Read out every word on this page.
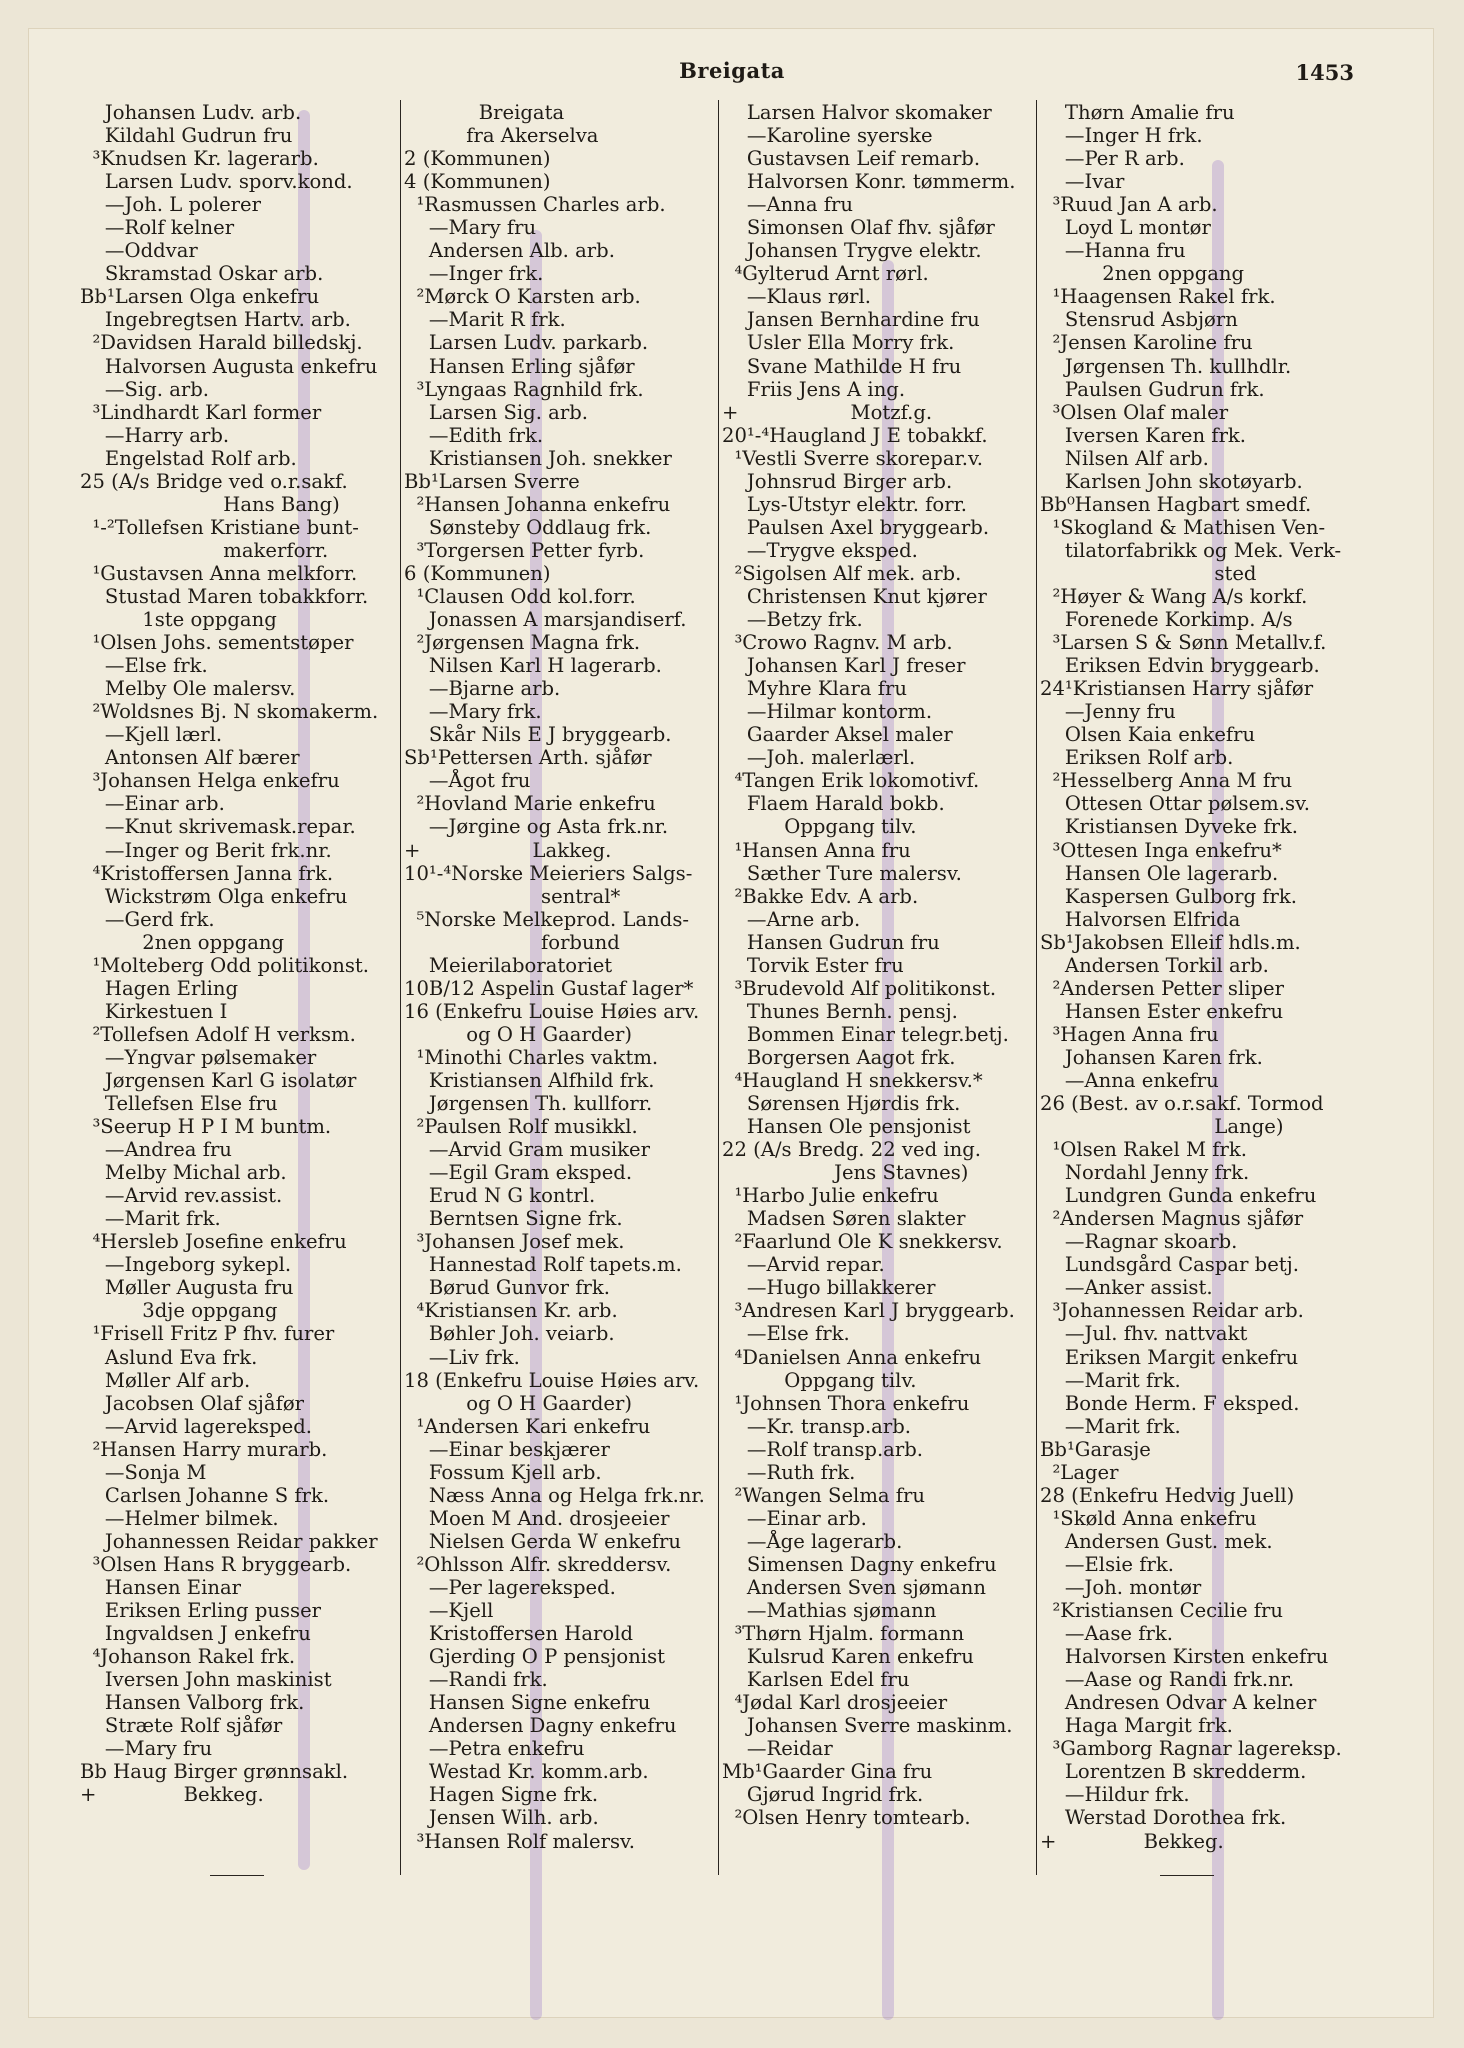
Breigata	1453
Johansen Ludv. arb.
Kildahl Gudrun fru
³Knudsen Kr. lagerarb.
Larsen Ludv. sporv.kond.
—Joh. L polerer
—Rolf kelner
—Oddvar
Skramstad Oskar arb.
Bb¹Larsen Olga enkefru
Ingebregtsen Hartv. arb.
²Davidsen Harald billedskj.
Halvorsen Augusta enkefru
—Sig. arb.
³Lindhardt Karl former
—Harry arb.
Engelstad Rolf arb.
25 (A/s Bridge ved o.r.sakf.
Hans Bang)
¹-²Tollefsen Kristiane bunt-
makerforr.
¹Gustavsen Anna melkforr.
Stustad Maren tobakkforr.
1ste oppgang
¹Olsen Johs. sementstøper
—Else frk.
Melby Ole malersv.
²Woldsnes Bj. N skomakerm.
—Kjell lærl.
Antonsen Alf bærer
³Johansen Helga enkefru
—Einar arb.
—Knut skrivemask.repar.
—Inger og Berit frk.nr.
⁴Kristoffersen Janna frk.
Wickstrøm Olga enkefru
—Gerd frk.
2nen oppgang
¹Molteberg Odd politikonst.
Hagen Erling
Kirkestuen I
²Tollefsen Adolf H verksm.
—Yngvar pølsemaker
Jørgensen Karl G isolatør
Tellefsen Else fru
³Seerup H P I M buntm.
—Andrea fru
Melby Michal arb.
—Arvid rev.assist.
—Marit frk.
⁴Hersleb Josefine enkefru
—Ingeborg sykepl.
Møller Augusta fru
3dje oppgang
¹Frisell Fritz P fhv. furer
Aslund Eva frk.
Møller Alf arb.
Jacobsen Olaf sjåfør
—Arvid lagereksped.
²Hansen Harry murarb.
—Sonja M
Carlsen Johanne S frk.
—Helmer bilmek.
Johannessen Reidar pakker
³Olsen Hans R bryggearb.
Hansen Einar
Eriksen Erling pusser
Ingvaldsen J enkefru
⁴Johanson Rakel frk.
Iversen John maskinist
Hansen Valborg frk.
Stræte Rolf sjåfør
—Mary fru
Bb Haug Birger grønnsakl.
+              Bekkeg.
Breigata
fra Akerselva
2 (Kommunen)
4 (Kommunen)
¹Rasmussen Charles arb.
—Mary fru
Andersen Alb. arb.
—Inger frk.
²Mørck O Karsten arb.
—Marit R frk.
Larsen Ludv. parkarb.
Hansen Erling sjåfør
³Lyngaas Ragnhild frk.
Larsen Sig. arb.
—Edith frk.
Kristiansen Joh. snekker
Bb¹Larsen Sverre
²Hansen Johanna enkefru
Sønsteby Oddlaug frk.
³Torgersen Petter fyrb.
6 (Kommunen)
¹Clausen Odd kol.forr.
Jonassen A marsjandiserf.
²Jørgensen Magna frk.
Nilsen Karl H lagerarb.
—Bjarne arb.
—Mary frk.
Skår Nils E J bryggearb.
Sb¹Pettersen Arth. sjåfør
—Ågot fru
²Hovland Marie enkefru
—Jørgine og Asta frk.nr.
+                  Lakkeg.
10¹-⁴Norske Meieriers Salgs-
sentral*
⁵Norske Melkeprod. Lands-
forbund
Meierilaboratoriet
10B/12 Aspelin Gustaf lager*
16 (Enkefru Louise Høies arv.
og O H Gaarder)
¹Minothi Charles vaktm.
Kristiansen Alfhild frk.
Jørgensen Th. kullforr.
²Paulsen Rolf musikkl.
—Arvid Gram musiker
—Egil Gram eksped.
Erud N G kontrl.
Berntsen Signe frk.
³Johansen Josef mek.
Hannestad Rolf tapets.m.
Børud Gunvor frk.
⁴Kristiansen Kr. arb.
Bøhler Joh. veiarb.
—Liv frk.
18 (Enkefru Louise Høies arv.
og O H Gaarder)
¹Andersen Kari enkefru
—Einar beskjærer
Fossum Kjell arb.
Næss Anna og Helga frk.nr.
Moen M And. drosjeeier
Nielsen Gerda W enkefru
²Ohlsson Alfr. skreddersv.
—Per lagereksped.
—Kjell
Kristoffersen Harold
Gjerding O P pensjonist
—Randi frk.
Hansen Signe enkefru
Andersen Dagny enkefru
—Petra enkefru
Westad Kr. komm.arb.
Hagen Signe frk.
Jensen Wilh. arb.
³Hansen Rolf malersv.
Larsen Halvor skomaker
—Karoline syerske
Gustavsen Leif remarb.
Halvorsen Konr. tømmerm.
—Anna fru
Simonsen Olaf fhv. sjåfør
Johansen Trygve elektr.
⁴Gylterud Arnt rørl.
—Klaus rørl.
Jansen Bernhardine fru
Usler Ella Morry frk.
Svane Mathilde H fru
Friis Jens A ing.
+                  Motzf.g.
20¹-⁴Haugland J E tobakkf.
¹Vestli Sverre skorepar.v.
Johnsrud Birger arb.
Lys-Utstyr elektr. forr.
Paulsen Axel bryggearb.
—Trygve eksped.
²Sigolsen Alf mek. arb.
Christensen Knut kjører
—Betzy frk.
³Crowo Ragnv. M arb.
Johansen Karl J freser
Myhre Klara fru
—Hilmar kontorm.
Gaarder Aksel maler
—Joh. malerlærl.
⁴Tangen Erik lokomotivf.
Flaem Harald bokb.
Oppgang tilv.
¹Hansen Anna fru
Sæther Ture malersv.
²Bakke Edv. A arb.
—Arne arb.
Hansen Gudrun fru
Torvik Ester fru
³Brudevold Alf politikonst.
Thunes Bernh. pensj.
Bommen Einar telegr.betj.
Borgersen Aagot frk.
⁴Haugland H snekkersv.*
Sørensen Hjørdis frk.
Hansen Ole pensjonist
22 (A/s Bredg. 22 ved ing.
Jens Stavnes)
¹Harbo Julie enkefru
Madsen Søren slakter
²Faarlund Ole K snekkersv.
—Arvid repar.
—Hugo billakkerer
³Andresen Karl J bryggearb.
—Else frk.
⁴Danielsen Anna enkefru
Oppgang tilv.
¹Johnsen Thora enkefru
—Kr. transp.arb.
—Rolf transp.arb.
—Ruth frk.
²Wangen Selma fru
—Einar arb.
—Åge lagerarb.
Simensen Dagny enkefru
Andersen Sven sjømann
—Mathias sjømann
³Thørn Hjalm. formann
Kulsrud Karen enkefru
Karlsen Edel fru
⁴Jødal Karl drosjeeier
Johansen Sverre maskinm.
—Reidar
Mb¹Gaarder Gina fru
Gjørud Ingrid frk.
²Olsen Henry tomtearb.
Thørn Amalie fru
—Inger H frk.
—Per R arb.
—Ivar
³Ruud Jan A arb.
Loyd L montør
—Hanna fru
2nen oppgang
¹Haagensen Rakel frk.
Stensrud Asbjørn
²Jensen Karoline fru
Jørgensen Th. kullhdlr.
Paulsen Gudrun frk.
³Olsen Olaf maler
Iversen Karen frk.
Nilsen Alf arb.
Karlsen John skotøyarb.
Bb⁰Hansen Hagbart smedf.
¹Skogland & Mathisen Ven-
tilatorfabrikk og Mek. Verk-
sted
²Høyer & Wang A/s korkf.
Forenede Korkimp. A/s
³Larsen S & Sønn Metallv.f.
Eriksen Edvin bryggearb.
24¹Kristiansen Harry sjåfør
—Jenny fru
Olsen Kaia enkefru
Eriksen Rolf arb.
²Hesselberg Anna M fru
Ottesen Ottar pølsem.sv.
Kristiansen Dyveke frk.
³Ottesen Inga enkefru*
Hansen Ole lagerarb.
Kaspersen Gulborg frk.
Halvorsen Elfrida
Sb¹Jakobsen Elleif hdls.m.
Andersen Torkil arb.
²Andersen Petter sliper
Hansen Ester enkefru
³Hagen Anna fru
Johansen Karen frk.
—Anna enkefru
26 (Best. av o.r.sakf. Tormod
Lange)
¹Olsen Rakel M frk.
Nordahl Jenny frk.
Lundgren Gunda enkefru
²Andersen Magnus sjåfør
—Ragnar skoarb.
Lundsgård Caspar betj.
—Anker assist.
³Johannessen Reidar arb.
—Jul. fhv. nattvakt
Eriksen Margit enkefru
—Marit frk.
Bonde Herm. F eksped.
—Marit frk.
Bb¹Garasje
²Lager
28 (Enkefru Hedvig Juell)
¹Skøld Anna enkefru
Andersen Gust. mek.
—Elsie frk.
—Joh. montør
²Kristiansen Cecilie fru
—Aase frk.
Halvorsen Kirsten enkefru
—Aase og Randi frk.nr.
Andresen Odvar A kelner
Haga Margit frk.
³Gamborg Ragnar lagereksp.
Lorentzen B skredderm.
—Hildur frk.
Werstad Dorothea frk.
+              Bekkeg.
